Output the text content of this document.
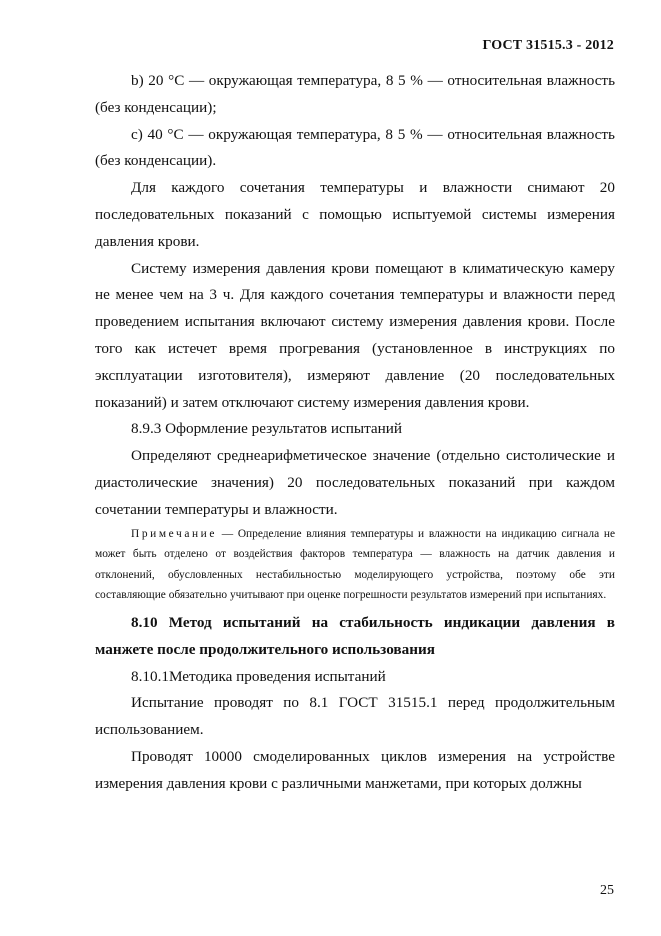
ГОСТ 31515.3 - 2012

b) 20 °С — окружающая температура, 8 5 % — относительная влажность (без конденсации);

с) 40 °С — окружающая температура, 8 5 % — относительная влажность (без конденсации).

Для каждого сочетания температуры и влажности снимают 20 последовательных показаний с помощью испытуемой системы измерения давления крови.

Систему измерения давления крови помещают в климатическую камеру не менее чем на 3 ч. Для каждого сочетания температуры и влажности перед проведением испытания включают систему измерения давления крови. После того как истечет время прогревания (установленное в инструкциях по эксплуатации изготовителя), измеряют давление (20 последовательных показаний) и затем отключают систему измерения давления крови.

8.9.3 Оформление результатов испытаний

Определяют среднеарифметическое значение (отдельно систолические и диастолические значения) 20 последовательных показаний при каждом сочетании температуры и влажности.

Примечание — Определение влияния температуры и влажности на индикацию сигнала не может быть отделено от воздействия факторов температура — влажность на датчик давления и отклонений, обусловленных нестабильностью моделирующего устройства, поэтому обе эти составляющие обязательно учитывают при оценке погрешности результатов измерений при испытаниях.

8.10 Метод испытаний на стабильность индикации давления в манжете после продолжительного использования

8.10.1Методика проведения испытаний

Испытание проводят по 8.1 ГОСТ 31515.1 перед продолжительным использованием.

Проводят 10000 смоделированных циклов измерения на устройстве измерения давления крови с различными манжетами, при которых должны

25
